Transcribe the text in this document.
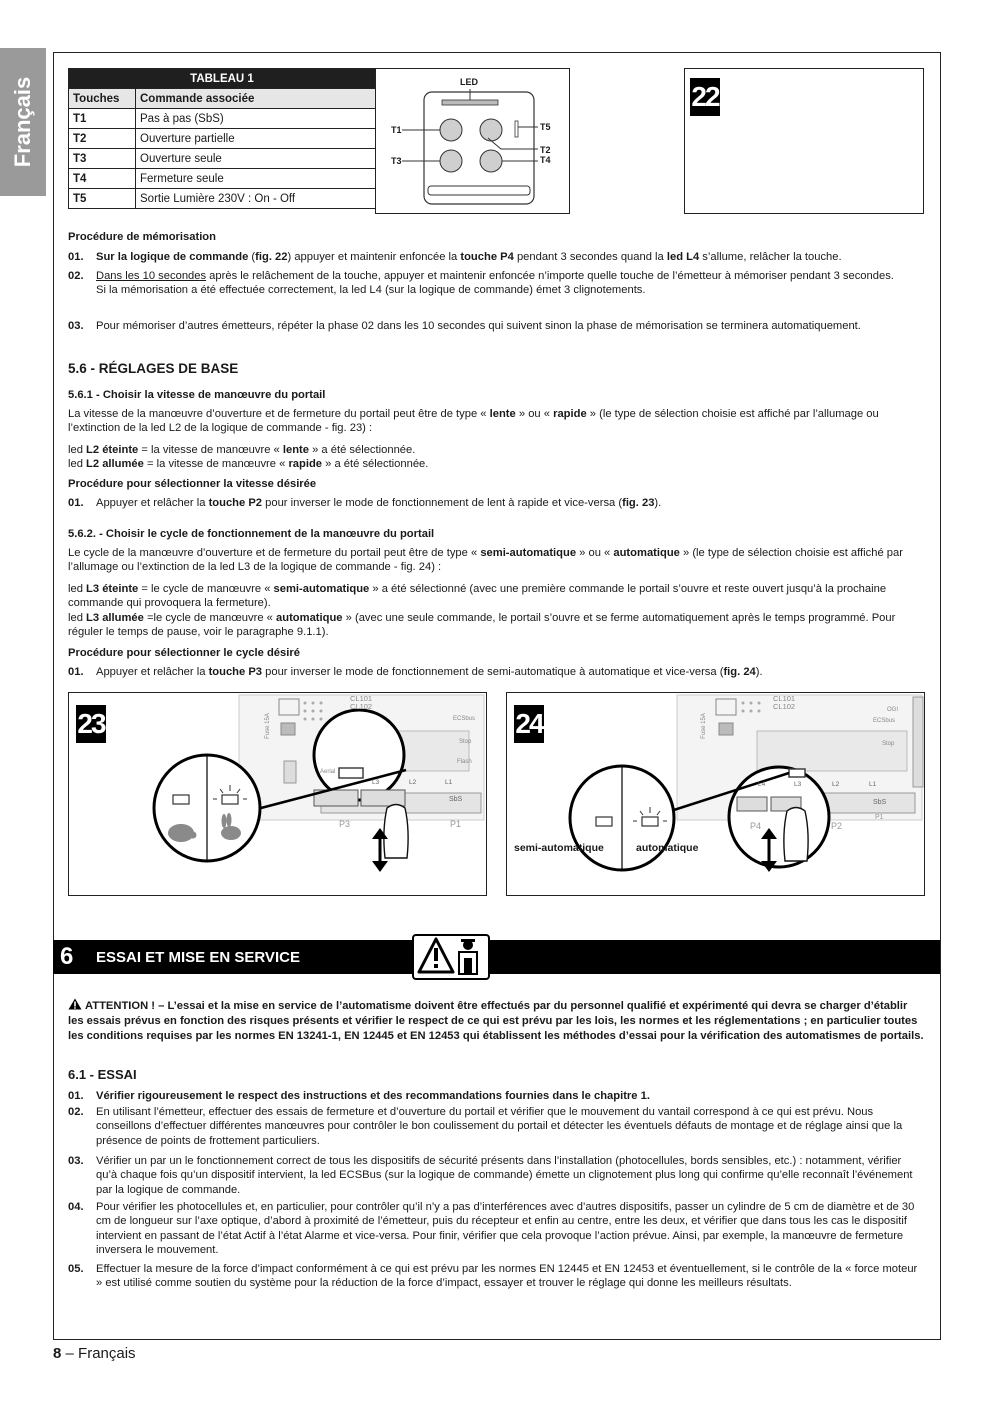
Français	TABLEAU 1	
Touches	Commande associée
T1	Pas à pas (SbS)
T2	Ouverture partielle
T3	Ouverture seule
T4	Fermeture seule
T5	Sortie Lumière 230V : On - Off
LED
T1
T3
T5
T2
T4
22
Procédure de mémorisation
01. Sur la logique de commande (fig. 22) appuyer et maintenir enfoncée la touche P4 pendant 3 secondes quand la led L4 s’allume, relâcher la touche.
02. Dans les 10 secondes après le relâchement de la touche, appuyer et maintenir enfoncée n’importe quelle touche de l’émetteur à mémoriser pendant 3 secondes.
Si la mémorisation a été effectuée correctement, la led L4 (sur la logique de commande) émet 3 clignotements.
03. Pour mémoriser d’autres émetteurs, répéter la phase 02 dans les 10 secondes qui suivent sinon la phase de mémorisation se terminera automatiquement.
5.6 - RÉGLAGES DE BASE
5.6.1 - Choisir la vitesse de manœuvre du portail
La vitesse de la manœuvre d’ouverture et de fermeture du portail peut être de type « lente » ou « rapide » (le type de sélection choisie est affiché par l’allumage ou l’extinction de la led L2 de la logique de commande - fig. 23) :
led L2 éteinte = la vitesse de manœuvre « lente » a été sélectionnée.
led L2 allumée = la vitesse de manœuvre « rapide » a été sélectionnée.
Procédure pour sélectionner la vitesse désirée
01. Appuyer et relâcher la touche P2 pour inverser le mode de fonctionnement de lent à rapide et vice-versa (fig. 23).
5.6.2. - Choisir le cycle de fonctionnement de la manœuvre du portail
Le cycle de la manœuvre d’ouverture et de fermeture du portail peut être de type « semi-automatique » ou « automatique » (le type de sélection choisie est affiché par l’allumage ou l’extinction de la led L3 de la logique de commande - fig. 24) :
led L3 éteinte = le cycle de manœuvre « semi-automatique » a été sélectionné (avec une première commande le portail s’ouvre et reste ouvert jusqu’à la prochaine commande qui provoquera la fermeture).
led L3 allumée =le cycle de manœuvre « automatique » (avec une seule commande, le portail s’ouvre et se ferme automatiquement après le temps programmé. Pour réguler le temps de pause, voir le paragraphe 9.1.1).
Procédure pour sélectionner le cycle désiré
01. Appuyer et relâcher la touche P3 pour inverser le mode de fonctionnement de semi-automatique à automatique et vice-versa (fig. 24).
23
CL101
CL102
Fuse 15A	ECSbus
Stop
Flash
Aerial
L3	L2	L1
SbS
P3	P1
24
CL101
CL102
Fuse 15A
OGI
ECSbus
Stop
L4	L3	L2	L1
SbS
P4	P2
P1
semi-automatique	automatique
6 ESSAI ET MISE EN SERVICE
ATTENTION ! – L’essai et la mise en service de l’automatisme doivent être effectués par du personnel qualifié et expérimenté qui devra se charger d’établir les essais prévus en fonction des risques présents et vérifier le respect de ce qui est prévu par les lois, les normes et les réglementations ; en particulier toutes les conditions requises par les normes EN 13241-1, EN 12445 et EN 12453 qui établissent les méthodes d’essai pour la vérification des automatismes de portails.
6.1 - ESSAI
01. Vérifier rigoureusement le respect des instructions et des recommandations fournies dans le chapitre 1.
02. En utilisant l’émetteur, effectuer des essais de fermeture et d’ouverture du portail et vérifier que le mouvement du vantail correspond à ce qui est prévu. Nous conseillons d’effectuer différentes manœuvres pour contrôler le bon coulissement du portail et détecter les éventuels défauts de montage et de réglage ainsi que la présence de points de frottement particuliers.
03. Vérifier un par un le fonctionnement correct de tous les dispositifs de sécurité présents dans l’installation (photocellules, bords sensibles, etc.) : notamment, vérifier qu’à chaque fois qu’un dispositif intervient, la led ECSBus (sur la logique de commande) émette un clignotement plus long qui confirme qu’elle reconnaît l’événement par la logique de commande.
04. Pour vérifier les photocellules et, en particulier, pour contrôler qu’il n’y a pas d’interférences avec d’autres dispositifs, passer un cylindre de 5 cm de diamètre et de 30 cm de longueur sur l’axe optique, d’abord à proximité de l’émetteur, puis du récepteur et enfin au centre, entre les deux, et vérifier que dans tous les cas le dispositif intervient en passant de l’état Actif à l’état Alarme et vice-versa. Pour finir, vérifier que cela provoque l’action prévue. Ainsi, par exemple, la manœuvre de fermeture inversera le mouvement.
05. Effectuer la mesure de la force d’impact conformément à ce qui est prévu par les normes EN 12445 et EN 12453 et éventuellement, si le contrôle de la « force moteur » est utilisé comme soutien du système pour la réduction de la force d’impact, essayer et trouver le réglage qui donne les meilleurs résultats.
8 – Français
